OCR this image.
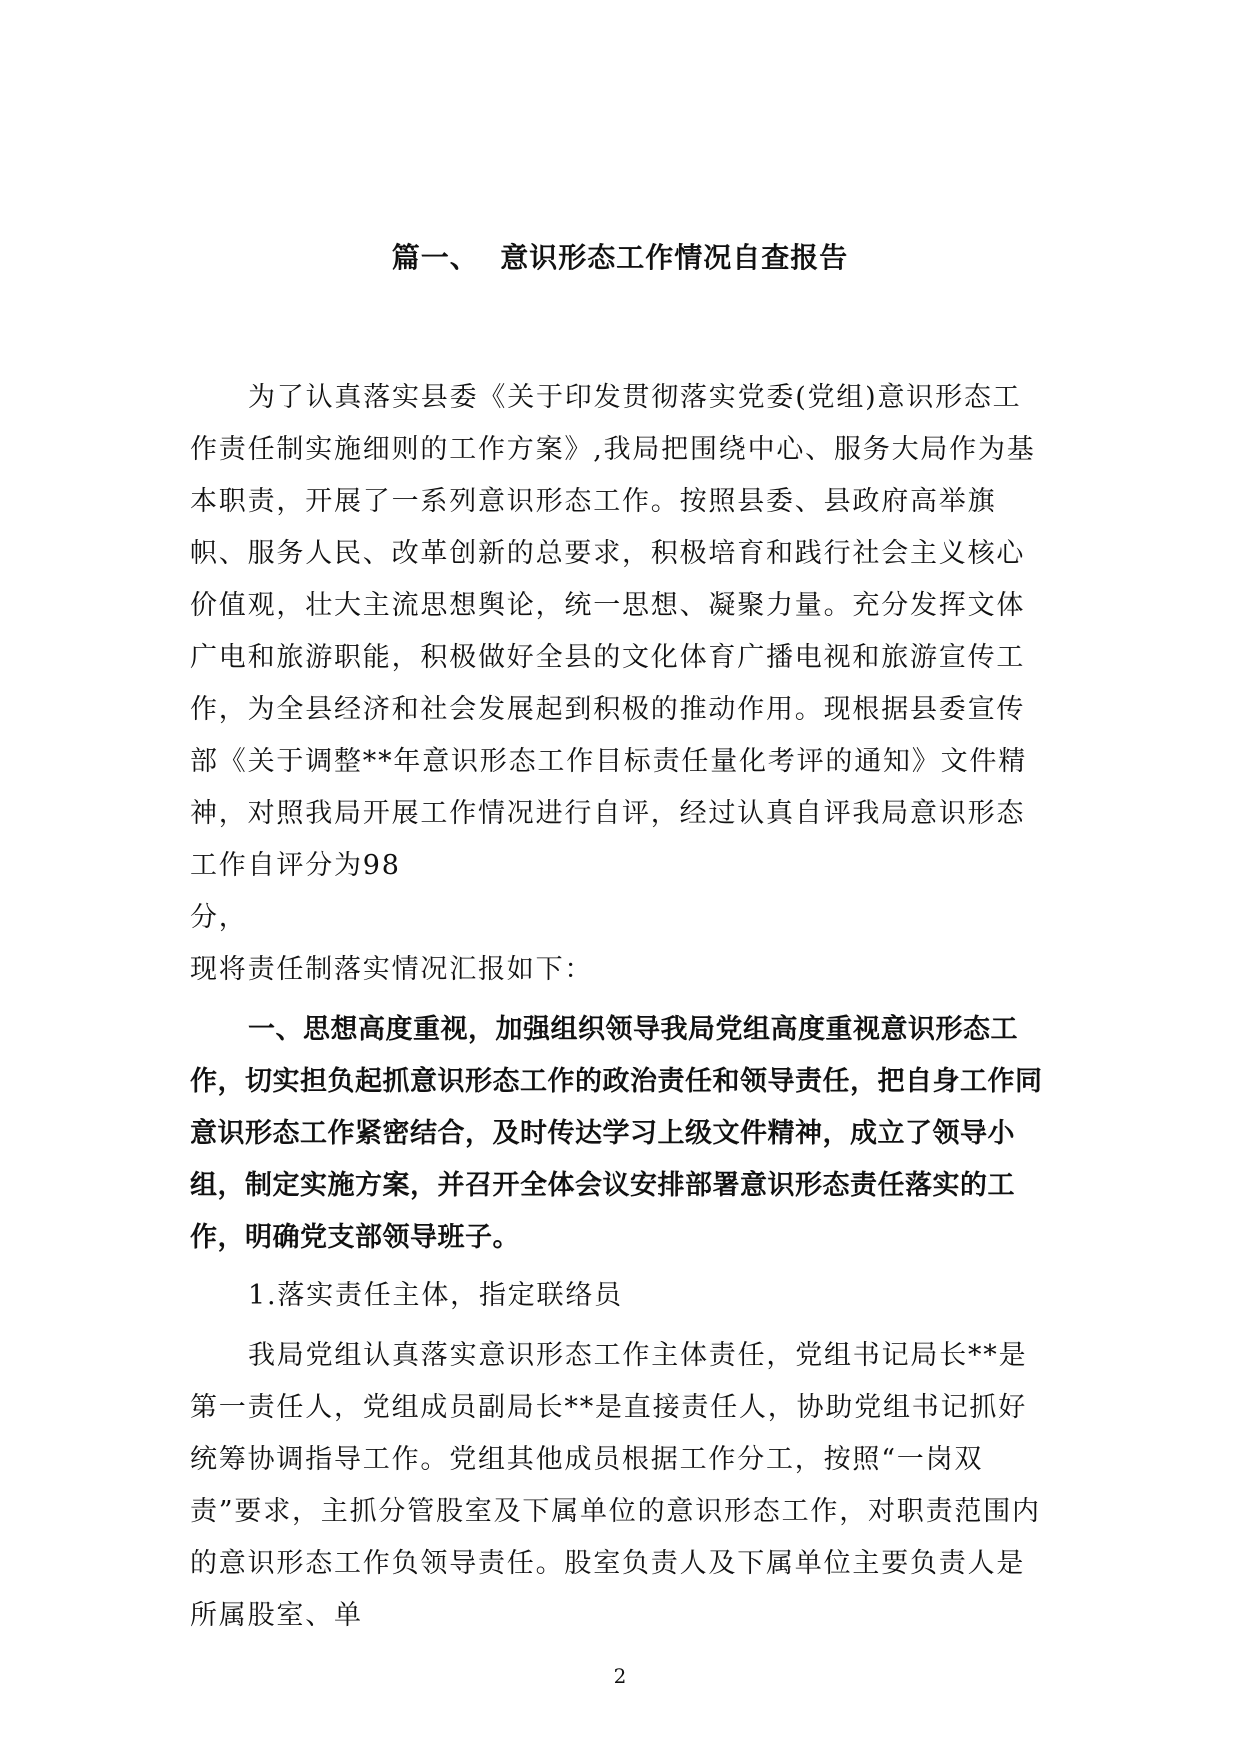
篇一、  意识形态工作情况自查报告

为了认真落实县委《关于印发贯彻落实党委(党组)意识形态工作责任制实施细则的工作方案》,我局把围绕中心、服务大局作为基本职责，开展了一系列意识形态工作。按照县委、县政府高举旗帜、服务人民、改革创新的总要求，积极培育和践行社会主义核心价值观，壮大主流思想舆论，统一思想、凝聚力量。充分发挥文体广电和旅游职能，积极做好全县的文化体育广播电视和旅游宣传工作，为全县经济和社会发展起到积极的推动作用。现根据县委宣传部《关于调整**年意识形态工作目标责任量化考评的通知》文件精神，对照我局开展工作情况进行自评，经过认真自评我局意识形态工作自评分为98

分，

现将责任制落实情况汇报如下：

一、思想高度重视，加强组织领导我局党组高度重视意识形态工作，切实担负起抓意识形态工作的政治责任和领导责任，把自身工作同意识形态工作紧密结合，及时传达学习上级文件精神，成立了领导小组，制定实施方案，并召开全体会议安排部署意识形态责任落实的工作，明确党支部领导班子。

1.落实责任主体，指定联络员

我局党组认真落实意识形态工作主体责任，党组书记局长**是第一责任人，党组成员副局长**是直接责任人，协助党组书记抓好统筹协调指导工作。党组其他成员根据工作分工，按照“一岗双责”要求，主抓分管股室及下属单位的意识形态工作，对职责范围内的意识形态工作负领导责任。股室负责人及下属单位主要负责人是所属股室、单

2
